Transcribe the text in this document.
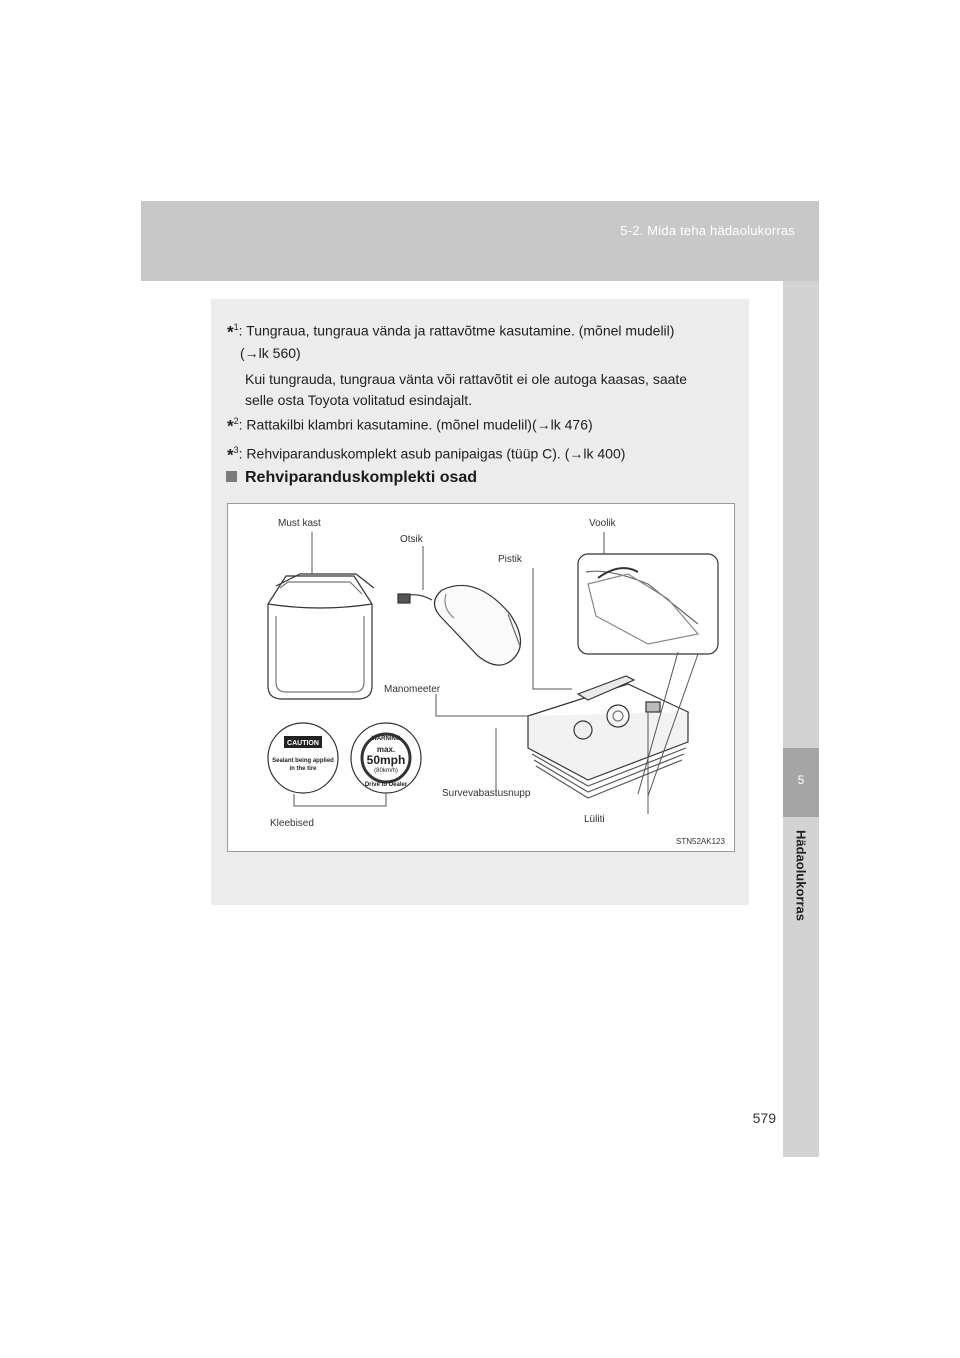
5-2. Mida teha hädaolukorras
5
Hädaolukorras
*$^1$: Tungraua, tungraua vända ja rattavõtme kasutamine. (mõnel mudelil)
(→lk 560)
Kui tungrauda, tungraua vänta või rattavõtit ei ole autoga kaasas, saate
selle osta Toyota volitatud esindajalt.
*$^2$: Rattakilbi klambri kasutamine. (mõnel mudelil)(→lk 476)
*$^3$: Rehviparanduskomplekt asub panipaigas (tüüp C). (→lk 400)
Rehviparanduskomplekti osad
CAUTION
Sealant being applied
in the tire
WARNING
max.
50mph
(80km/h)
Drive to Dealer
Must kast
Otsik
Pistik
Voolik
Manomeeter
Survevabastusnupp
Kleebised	Lüliti
STN52AK123
579
